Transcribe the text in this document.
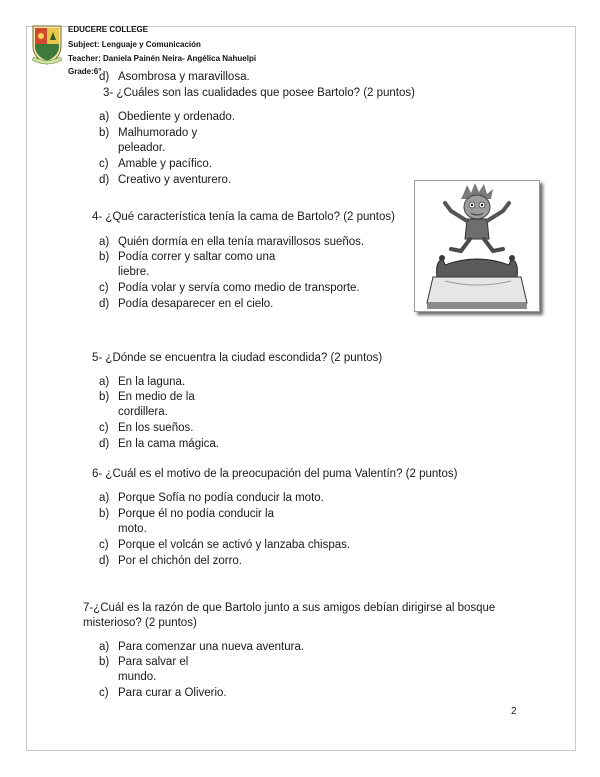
EDUCERE COLLEGE
Subject: Lenguaje y Comunicación
Teacher: Daniela Painén Neira- Angélica Nahuelpi
Grade:6°
d) Asombrosa y maravillosa.
3- ¿Cuáles son las cualidades que posee Bartolo? (2 puntos)
a) Obediente y ordenado.
b) Malhumorado y
peleador.
c) Amable y pacífico.
d) Creativo y aventurero.
4- ¿Qué característica tenía la cama de Bartolo? (2 puntos)
a) Quién dormía en ella tenía maravillosos sueños.
b) Podía correr y saltar como una
liebre.
c) Podía volar y servía como medio de transporte.
d) Podía desaparecer en el cielo.
5- ¿Dónde se encuentra la ciudad escondida? (2 puntos)
a) En la laguna.
b) En medio de la
cordillera.
c) En los sueños.
d) En la cama mágica.
6- ¿Cuál es el motivo de la preocupación del puma Valentín? (2 puntos)
a) Porque Sofía no podía conducir la moto.
b) Porque él no podía conducir la
moto.
c) Porque el volcán se activó y lanzaba chispas.
d) Por el chichón del zorro.
7-¿Cuál es la razón de que Bartolo junto a sus amigos debían dirigirse al bosque
misterioso? (2 puntos)
a) Para comenzar una nueva aventura.
b) Para salvar el
mundo.
c) Para curar a Oliverio.
2
